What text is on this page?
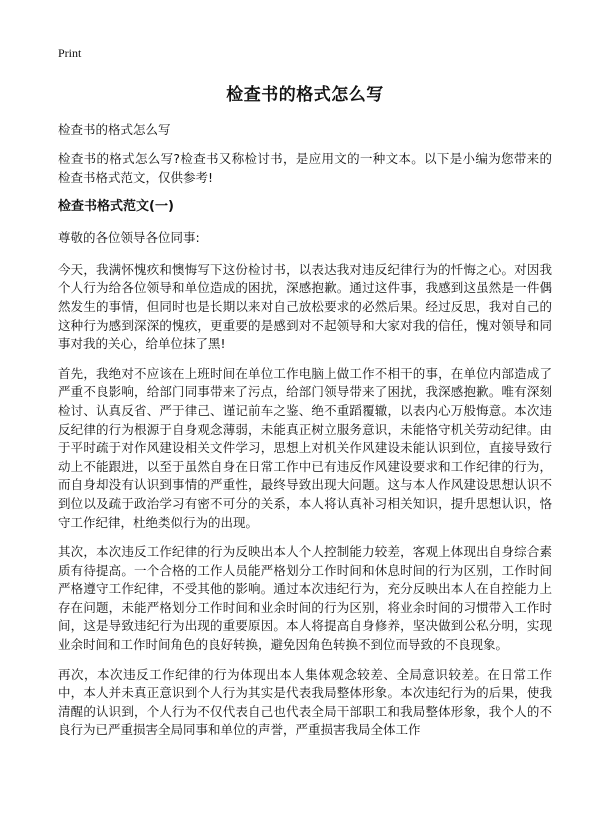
Print
检查书的格式怎么写
检查书的格式怎么写

检查书的格式怎么写?检查书又称检讨书，是应用文的一种文本。以下是小编为您带来的检查书格式范文，仅供参考!

检查书格式范文(一)

尊敬的各位领导各位同事:

今天，我满怀愧疚和懊悔写下这份检讨书，以表达我对违反纪律行为的忏悔之心。对因我个人行为给各位领导和单位造成的困扰，深感抱歉。通过这件事，我感到这虽然是一件偶然发生的事情，但同时也是长期以来对自己放松要求的必然后果。经过反思，我对自己的这种行为感到深深的愧疚，更重要的是感到对不起领导和大家对我的信任，愧对领导和同事对我的关心，给单位抹了黑!

首先，我绝对不应该在上班时间在单位工作电脑上做工作不相干的事，在单位内部造成了严重不良影响，给部门同事带来了污点，给部门领导带来了困扰，我深感抱歉。唯有深刻检讨、认真反省、严于律己、谨记前车之鉴、绝不重蹈覆辙，以表内心万般悔意。本次违反纪律的行为根源于自身观念薄弱，未能真正树立服务意识，未能恪守机关劳动纪律。由于平时疏于对作风建设相关文件学习，思想上对机关作风建设未能认识到位，直接导致行动上不能跟进，以至于虽然自身在日常工作中已有违反作风建设要求和工作纪律的行为，而自身却没有认识到事情的严重性，最终导致出现大问题。这与本人作风建设思想认识不到位以及疏于政治学习有密不可分的关系，本人将认真补习相关知识，提升思想认识，恪守工作纪律，杜绝类似行为的出现。

其次，本次违反工作纪律的行为反映出本人个人控制能力较差，客观上体现出自身综合素质有待提高。一个合格的工作人员能严格划分工作时间和休息时间的行为区别，工作时间严格遵守工作纪律，不受其他的影响。通过本次违纪行为，充分反映出本人在自控能力上存在问题，未能严格划分工作时间和业余时间的行为区别，将业余时间的习惯带入工作时间，这是导致违纪行为出现的重要原因。本人将提高自身修养，坚决做到公私分明，实现业余时间和工作时间角色的良好转换，避免因角色转换不到位而导致的不良现象。

再次，本次违反工作纪律的行为体现出本人集体观念较差、全局意识较差。在日常工作中，本人并未真正意识到个人行为其实是代表我局整体形象。本次违纪行为的后果，使我清醒的认识到，个人行为不仅代表自己也代表全局干部职工和我局整体形象，我个人的不良行为已严重损害全局同事和单位的声誉，严重损害我局全体工作
